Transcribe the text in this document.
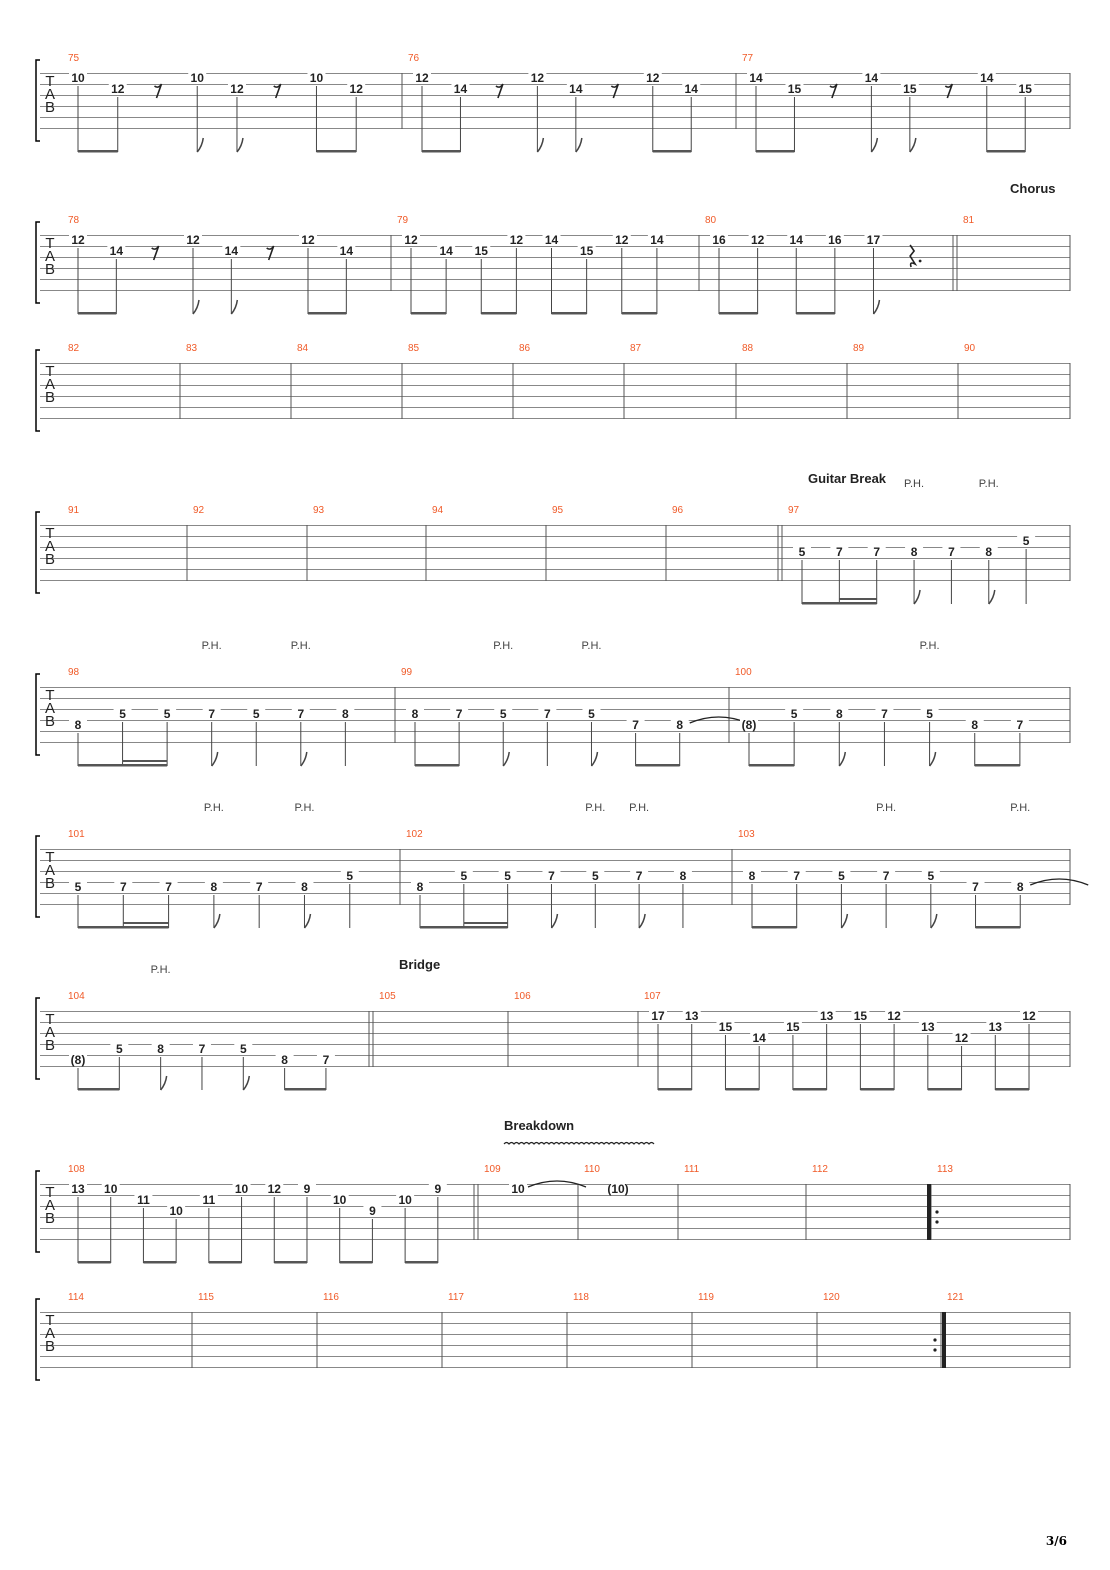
T
A
B
75
10
12
10
12
10
12
76
12
14
12
14
12
14
77
14
15
14
15
14
15
T
A
B
78
12
14
12
14
12
14
79
12
14 15
12 14
15
12 14
80
16 12 14 16 17
81
Chorus
T
A
B
82	83	84	85	86	87	88	89	90
T
A
B
91	92	93	94	95	96	97
Guitar Break
5	7	7	8
P.H.
7	8
P.H.
5
T
A
B
98
8
5	5	7
P.H.
5	7
P.H.
8
99
8	7	5
P.H.
7	5
P.H.
7	8
100
(8)
5	8	7	5
P.H.
8	7
T
A
B
101
5	7	7	8
P.H.
7	8
P.H.
5
102
8
5	5	7	5
P.H.
7
P.H.
8
103
8	7	5	7
P.H.
5
7	8
P.H.
T
A
B
104
(8)
5	8
P.H.
7	5
8	7
105
Bridge
106	107
17 13
15
14
15
13 15 12
13
12
13
12
T
A
B
108
13 10
11
10
11
10 12 9
10
9
10
9
109
Breakdown
10
110
(10)
111	112	113
T
A
B
114	115	116	117	118	119	120	121
3/6
